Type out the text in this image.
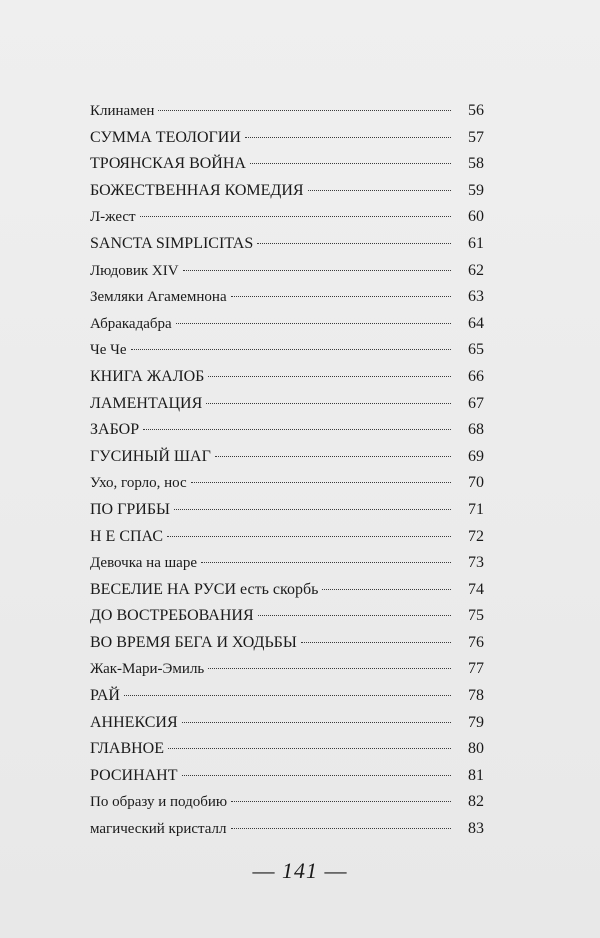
Клинамен	56
СУММА ТЕОЛОГИИ	57
ТРОЯНСКАЯ ВОЙНА	58
БОЖЕСТВЕННАЯ КОМЕДИЯ	59
Л-жест	60
SANCTA SIMPLICITAS	61
Людовик XIV	62
Земляки Агамемнона	63
Абракадабра	64
Че Че	65
КНИГА ЖАЛОБ	66
ЛАМЕНТАЦИЯ	67
ЗАБОР	68
ГУСИНЫЙ ШАГ	69
Ухо, горло, нос	70
ПО ГРИБЫ	71
Н Е СПАС	72
Девочка на шаре	73
ВЕСЕЛИЕ НА РУСИ есть скорбь	74
ДО ВОСТРЕБОВАНИЯ	75
ВО ВРЕМЯ БЕГА И ХОДЬБЫ	76
Жак-Мари-Эмиль	77
РАЙ	78
АННЕКСИЯ	79
ГЛАВНОЕ	80
РОСИНАНТ	81
По образу и подобию	82
магический кристалл	83
— 141 —
